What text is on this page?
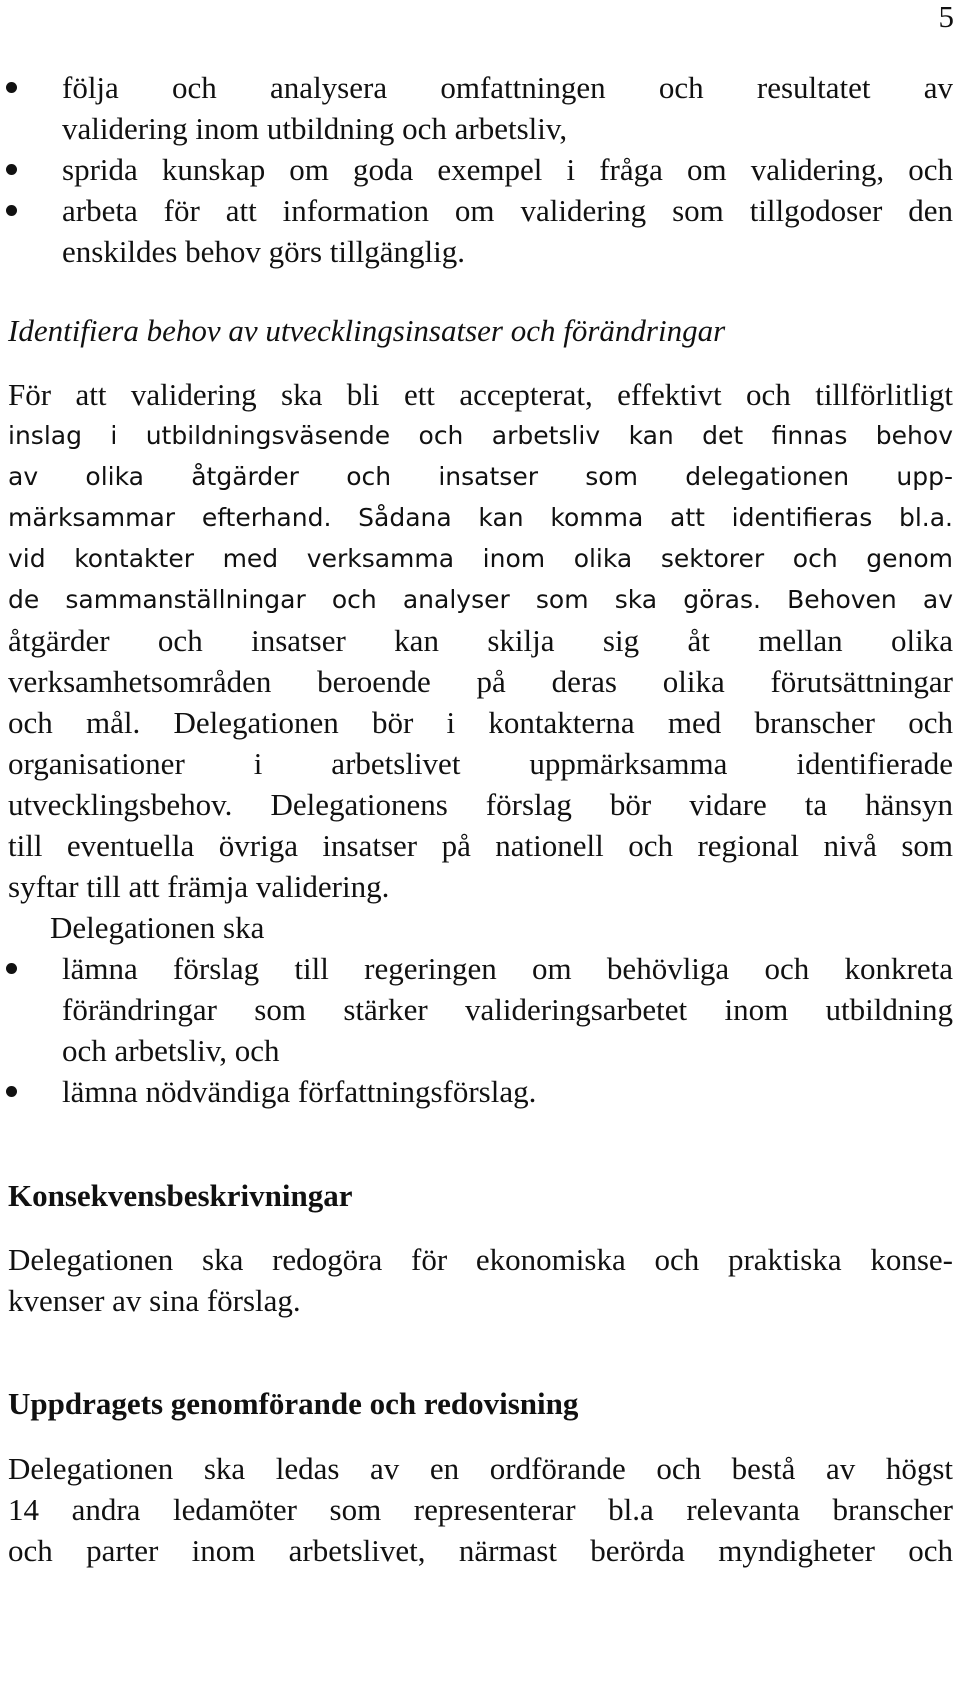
5
följa och analysera omfattningen och resultatet av
validering inom utbildning och arbetsliv,
sprida kunskap om goda exempel i fråga om validering, och
arbeta för att information om validering som tillgodoser den
enskildes behov görs tillgänglig.
Identifiera behov av utvecklingsinsatser och förändringar
För att validering ska bli ett accepterat, effektivt och tillförlitligt
inslag i utbildningsväsende och arbetsliv kan det finnas behov
av olika åtgärder och insatser som delegationen upp-
märksammar efterhand. Sådana kan komma att identifieras bl.a.
vid kontakter med verksamma inom olika sektorer och genom
de sammanställningar och analyser som ska göras. Behoven av
åtgärder och insatser kan skilja sig åt mellan olika
verksamhetsområden beroende på deras olika förutsättningar
och mål. Delegationen bör i kontakterna med branscher och
organisationer i arbetslivet uppmärksamma identifierade
utvecklingsbehov. Delegationens förslag bör vidare ta hänsyn
till eventuella övriga insatser på nationell och regional nivå som
syftar till att främja validering.
Delegationen ska
lämna förslag till regeringen om behövliga och konkreta
förändringar som stärker valideringsarbetet inom utbildning
och arbetsliv, och
lämna nödvändiga författningsförslag.
Konsekvensbeskrivningar
Delegationen ska redogöra för ekonomiska och praktiska konse-
kvenser av sina förslag.
Uppdragets genomförande och redovisning
Delegationen ska ledas av en ordförande och bestå av högst
14 andra ledamöter som representerar bl.a relevanta branscher
och parter inom arbetslivet, närmast berörda myndigheter och
